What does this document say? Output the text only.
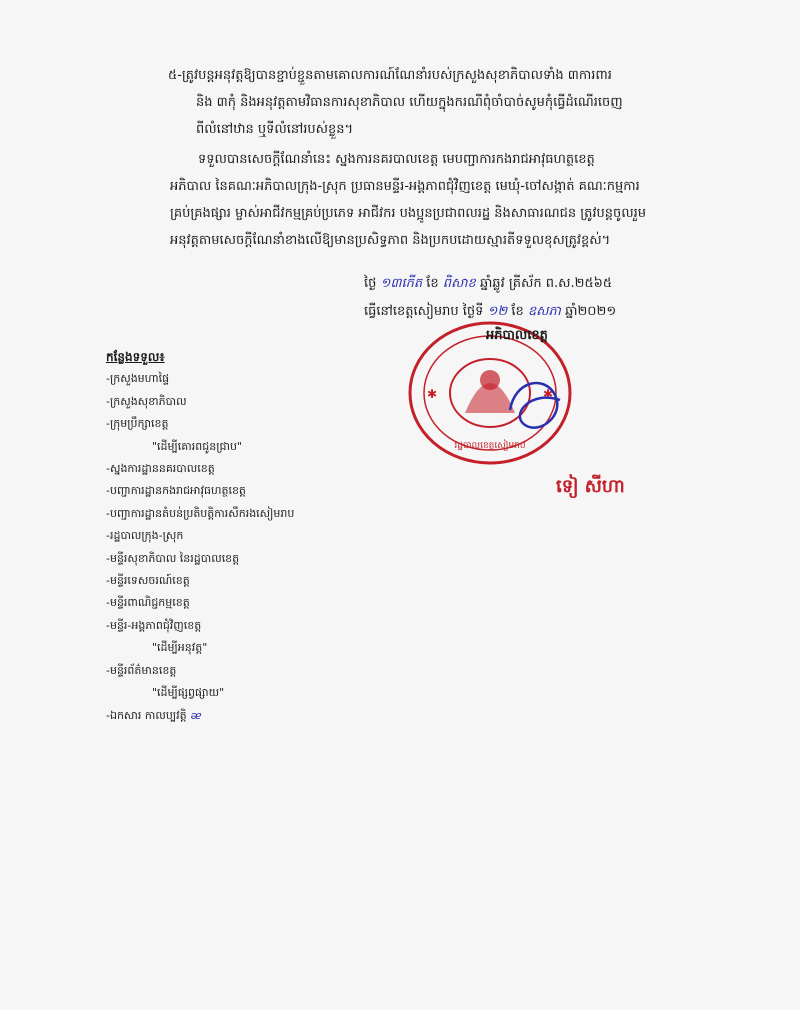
៥-ត្រូវបន្តអនុវត្តឱ្យបានខ្ជាប់ខ្ជួនតាមគោលការណ៍ណែនាំរបស់ក្រសួងសុខាភិបាលទាំង ៣ការពារ
និង ៣កុំ និងអនុវត្តតាមវិធានការសុខាភិបាល ហើយក្នុងករណីពុំចាំបាច់សូមកុំធ្វើដំណើរចេញ
ពីលំនៅឋាន ឬទីលំនៅរបស់ខ្លួន។

ទទួលបានសេចក្តីណែនាំនេះ ស្នងការនគរបាលខេត្ត មេបញ្ជាការកងរាជអាវុធហត្ថខេត្ត
អភិបាល នៃគណៈអភិបាលក្រុង-ស្រុក ប្រធានមន្ទីរ-អង្គភាពជុំវិញខេត្ត មេឃុំ-ចៅសង្កាត់ គណៈកម្មការ
គ្រប់គ្រងផ្សារ ម្ចាស់អាជីវកម្មគ្រប់ប្រភេទ អាជីវករ បងប្អូនប្រជាពលរដ្ឋ និងសាធារណជន ត្រូវបន្តចូលរួម
អនុវត្តតាមសេចក្តីណែនាំខាងលើឱ្យមានប្រសិទ្ធភាព និងប្រកបដោយស្មារតីទទួលខុសត្រូវខ្ពស់។

ថ្ងៃ ១៣កើត ខែ ពិសាខ ឆ្នាំឆ្លូវ ត្រីស័ក ព.ស.២៥៦៥
ធ្វើនៅខេត្តសៀមរាប ថ្ងៃទី ១២ ខែ ឧសភា ឆ្នាំ២០២១
✱	✱
រដ្ឋបាលខេត្តសៀមរាប
អភិបាលខេត្ត
ទៀ សីហា
កន្លែងទទួល៖
-ក្រសួងមហាផ្ទៃ
-ក្រសួងសុខាភិបាល
-ក្រុមប្រឹក្សាខេត្ត
"ដើម្បីគោរពជូនជ្រាប"
-ស្នងការដ្ឋាននគរបាលខេត្ត
-បញ្ជាការដ្ឋានកងរាជអាវុធហត្ថខេត្ត
-បញ្ជាការដ្ឋានតំបន់ប្រតិបត្តិការសឹករងសៀមរាប
-រដ្ឋបាលក្រុង-ស្រុក
-មន្ទីរសុខាភិបាល នៃរដ្ឋបាលខេត្ត
-មន្ទីរទេសចរណ៍ខេត្ត
-មន្ទីរពាណិជ្ជកម្មខេត្ត
-មន្ទីរ-អង្គភាពជុំវិញខេត្ត
"ដើម្បីអនុវត្ត"
-មន្ទីរព័ត៌មានខេត្ត
"ដើម្បីផ្សព្វផ្សាយ"
-ឯកសារ កាលប្បវត្តិ ᴂ
